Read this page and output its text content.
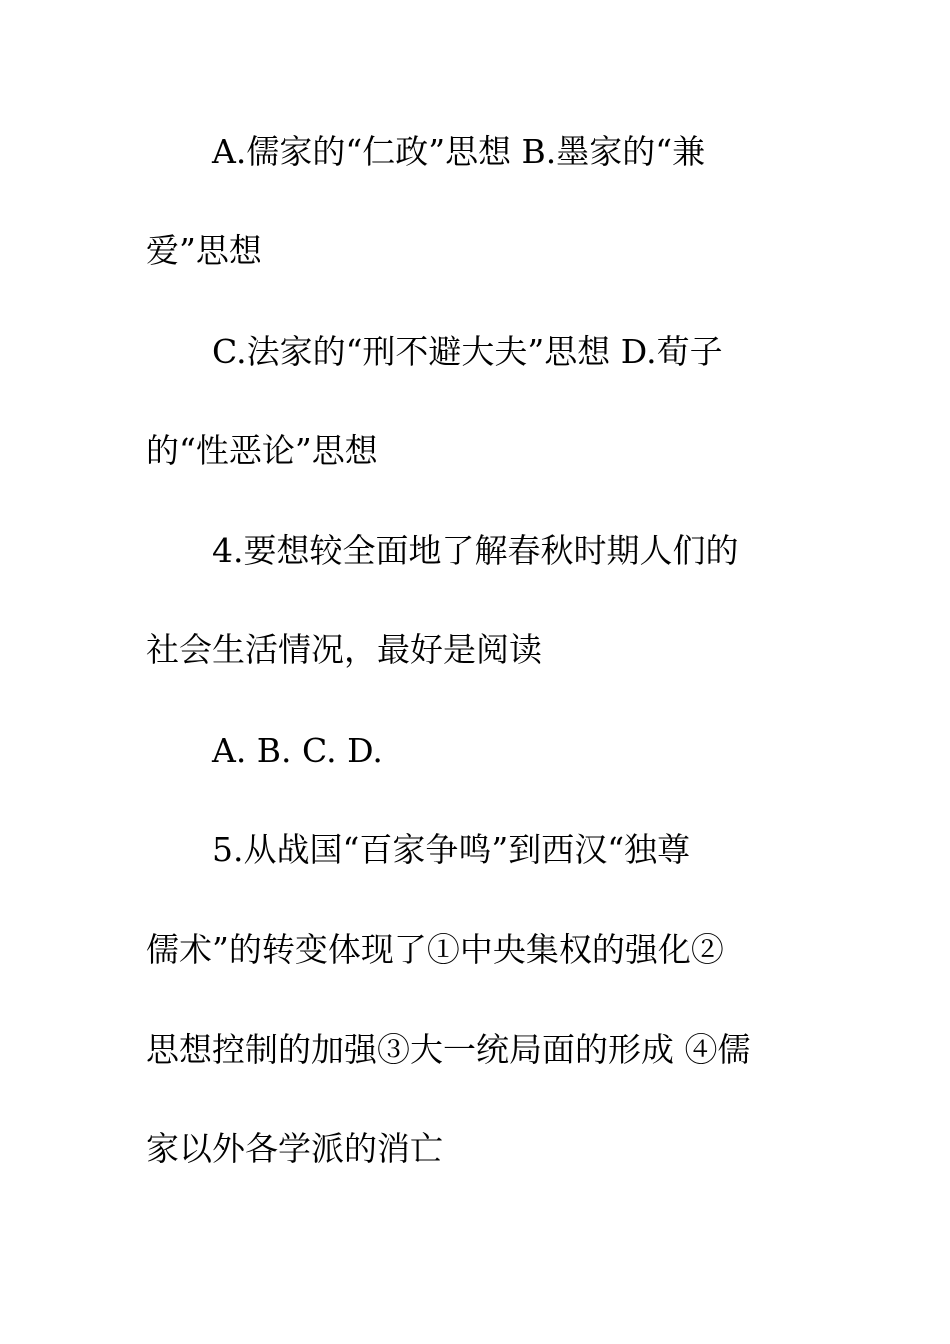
A.儒家的“仁政”思想 B.墨家的“兼
爱”思想
C.法家的“刑不避大夫”思想 D.荀子
的“性恶论”思想
4.要想较全面地了解春秋时期人们的
社会生活情况，最好是阅读
A. B. C. D.
5.从战国“百家争鸣”到西汉“独尊
儒术”的转变体现了①中央集权的强化②
思想控制的加强③大一统局面的形成 ④儒
家以外各学派的消亡
